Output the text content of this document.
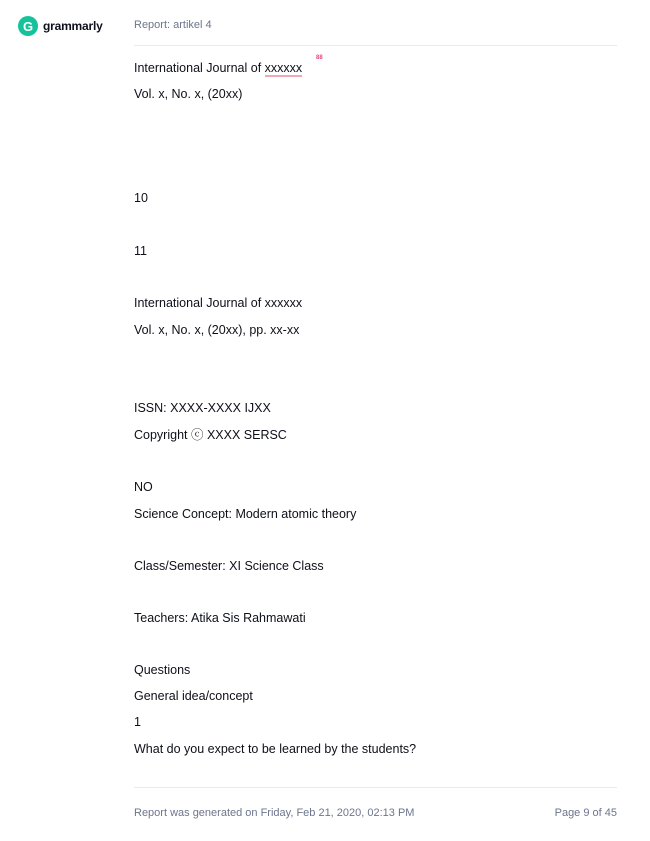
G grammarly	Report: artikel 4
International Journal of xxxxxx
88
Vol. x, No. x, (20xx)
10
11
International Journal of xxxxxx
Vol. x, No. x, (20xx), pp. xx-xx
ISSN: XXXX-XXXX IJXX
Copyright ⓒ XXXX SERSC
NO
Science Concept: Modern atomic theory
Class/Semester: XI Science Class
Teachers: Atika Sis Rahmawati
Questions
General idea/concept
1
What do you expect to be learned by the students?
Report was generated on Friday, Feb 21, 2020, 02:13 PM	Page 9 of 45
